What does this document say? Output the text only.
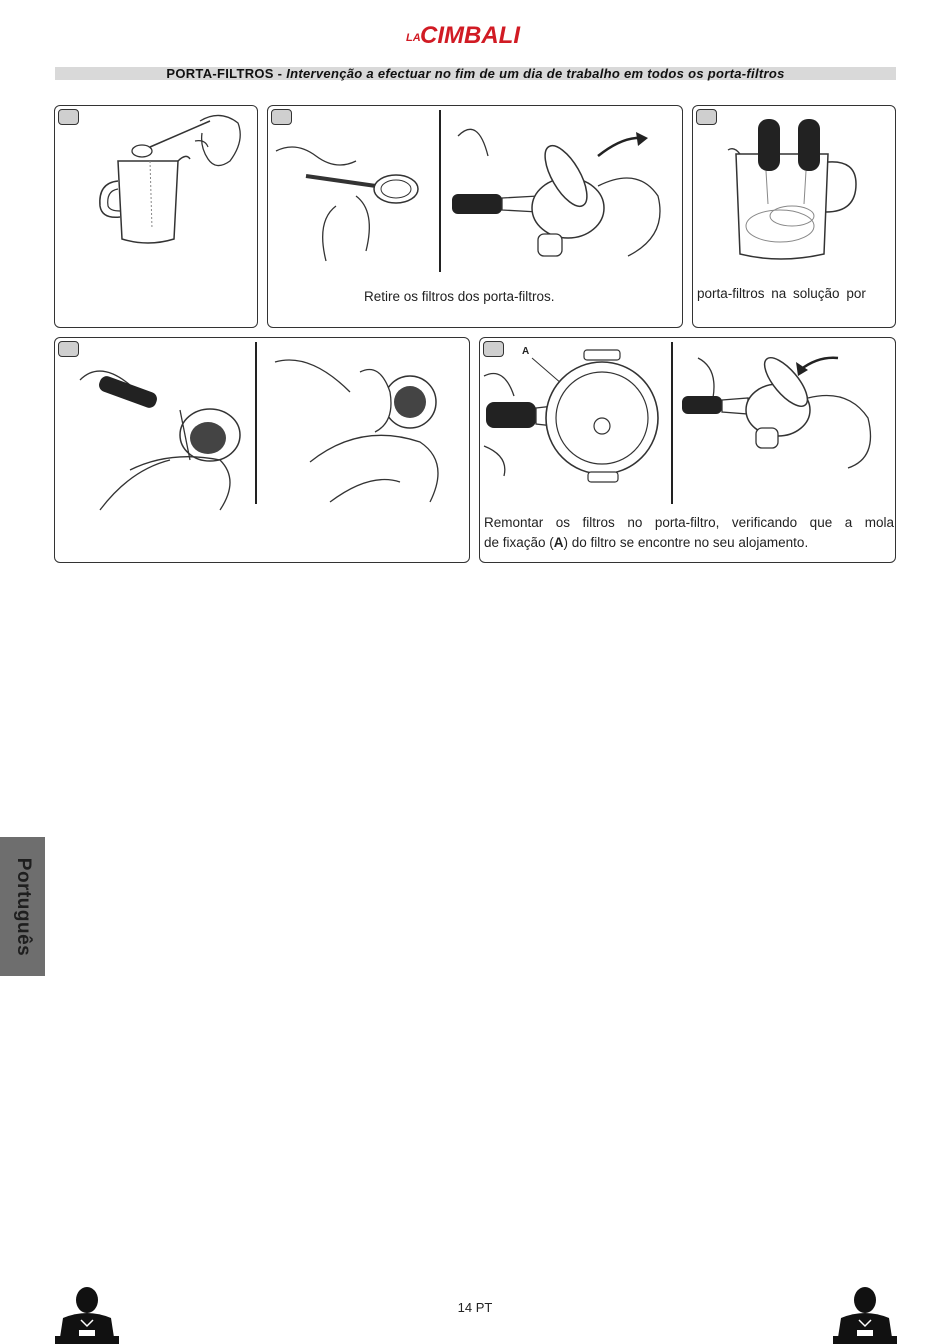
LA CIMBALI
PORTA-FILTROS - Intervenção a efectuar no fim de um dia de trabalho em todos os porta-filtros
Retire os filtros dos porta-filtros.	porta-filtros na solução por
A
Remontar os filtros no porta-filtro, verificando que a mola
de fixação (A) do filtro se encontre no seu alojamento.
Português
14 PT
